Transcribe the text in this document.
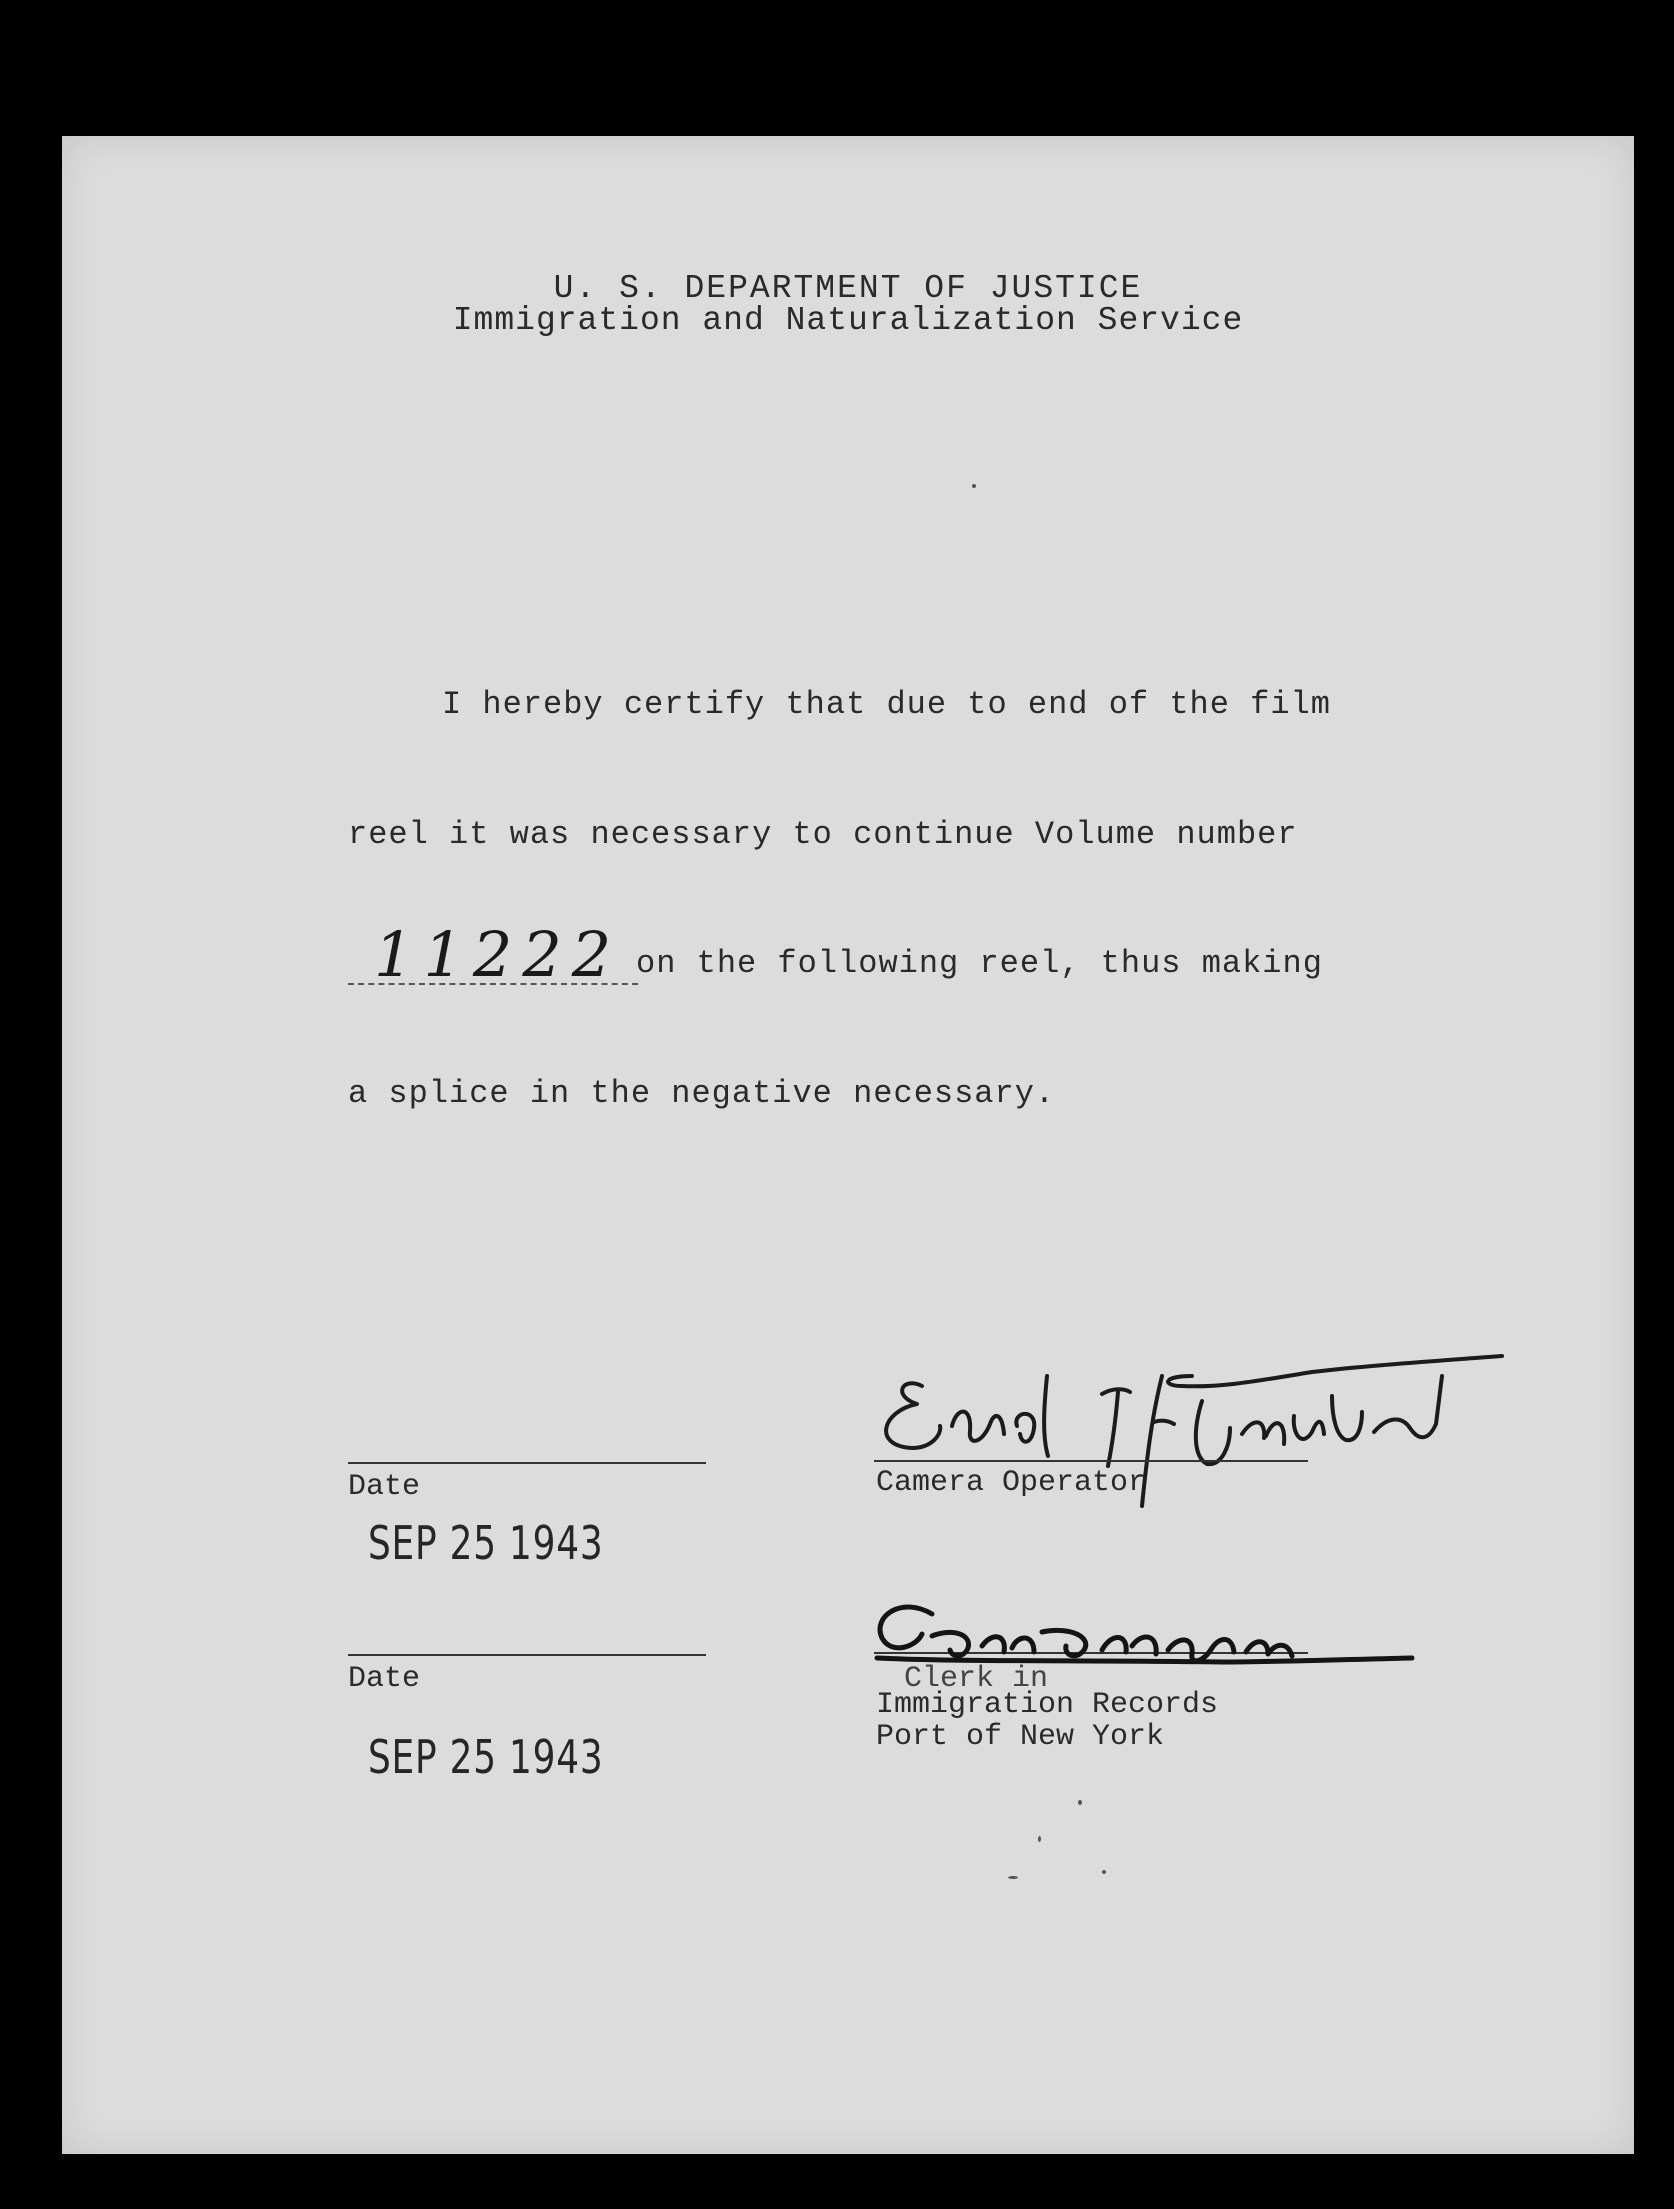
U. S. DEPARTMENT OF JUSTICE
Immigration and Naturalization Service
I hereby certify that due to end of the film
reel it was necessary to continue Volume number
11222 on the following reel, thus making
a splice in the negative necessary.
SEP 25 1943
Date
SEP 25 1943
Date
Camera Operator
Clerk in
Immigration Records
Port of New York
